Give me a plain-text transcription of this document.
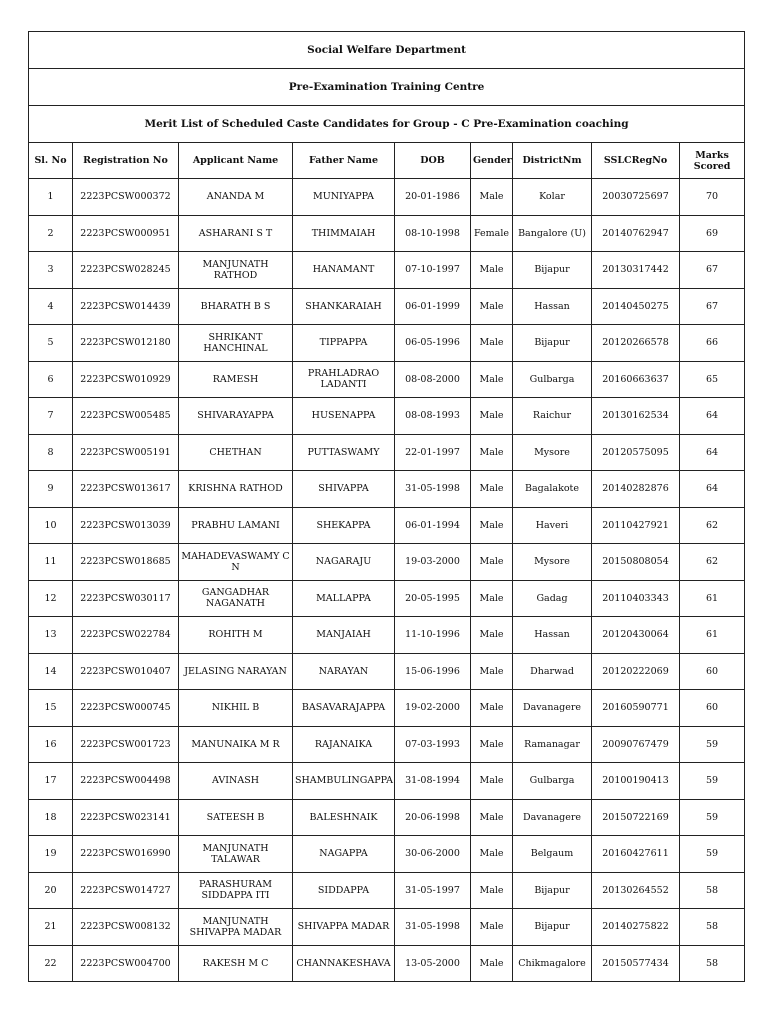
Social Welfare Department								
Pre-Examination Training Centre								
Merit List of Scheduled Caste Candidates for Group - C Pre-Examination coaching								
Sl. No	Registration No	Applicant Name	Father Name	DOB	Gender	DistrictNm	SSLCRegNo	Marks Scored
1	2223PCSW000372	ANANDA M	MUNIYAPPA	20-01-1986	Male	Kolar	20030725697	70
2	2223PCSW000951	ASHARANI S T	THIMMAIAH	08-10-1998	Female	Bangalore (U)	20140762947	69
3	2223PCSW028245	MANJUNATH RATHOD	HANAMANT	07-10-1997	Male	Bijapur	20130317442	67
4	2223PCSW014439	BHARATH B S	SHANKARAIAH	06-01-1999	Male	Hassan	20140450275	67
5	2223PCSW012180	SHRIKANT HANCHINAL	TIPPAPPA	06-05-1996	Male	Bijapur	20120266578	66
6	2223PCSW010929	RAMESH	PRAHLADRAO LADANTI	08-08-2000	Male	Gulbarga	20160663637	65
7	2223PCSW005485	SHIVARAYAPPA	HUSENAPPA	08-08-1993	Male	Raichur	20130162534	64
8	2223PCSW005191	CHETHAN	PUTTASWAMY	22-01-1997	Male	Mysore	20120575095	64
9	2223PCSW013617	KRISHNA RATHOD	SHIVAPPA	31-05-1998	Male	Bagalakote	20140282876	64
10	2223PCSW013039	PRABHU LAMANI	SHEKAPPA	06-01-1994	Male	Haveri	20110427921	62
11	2223PCSW018685	MAHADEVASWAMY C N	NAGARAJU	19-03-2000	Male	Mysore	20150808054	62
12	2223PCSW030117	GANGADHAR NAGANATH	MALLAPPA	20-05-1995	Male	Gadag	20110403343	61
13	2223PCSW022784	ROHITH M	MANJAIAH	11-10-1996	Male	Hassan	20120430064	61
14	2223PCSW010407	JELASING NARAYAN	NARAYAN	15-06-1996	Male	Dharwad	20120222069	60
15	2223PCSW000745	NIKHIL B	BASAVARAJAPPA	19-02-2000	Male	Davanagere	20160590771	60
16	2223PCSW001723	MANUNAIKA M R	RAJANAIKA	07-03-1993	Male	Ramanagar	20090767479	59
17	2223PCSW004498	AVINASH	SHAMBULINGAPPA	31-08-1994	Male	Gulbarga	20100190413	59
18	2223PCSW023141	SATEESH B	BALESHNAIK	20-06-1998	Male	Davanagere	20150722169	59
19	2223PCSW016990	MANJUNATH TALAWAR	NAGAPPA	30-06-2000	Male	Belgaum	20160427611	59
20	2223PCSW014727	PARASHURAM SIDDAPPA ITI	SIDDAPPA	31-05-1997	Male	Bijapur	20130264552	58
21	2223PCSW008132	MANJUNATH SHIVAPPA MADAR	SHIVAPPA MADAR	31-05-1998	Male	Bijapur	20140275822	58
22	2223PCSW004700	RAKESH M C	CHANNAKESHAVA	13-05-2000	Male	Chikmagalore	20150577434	58
